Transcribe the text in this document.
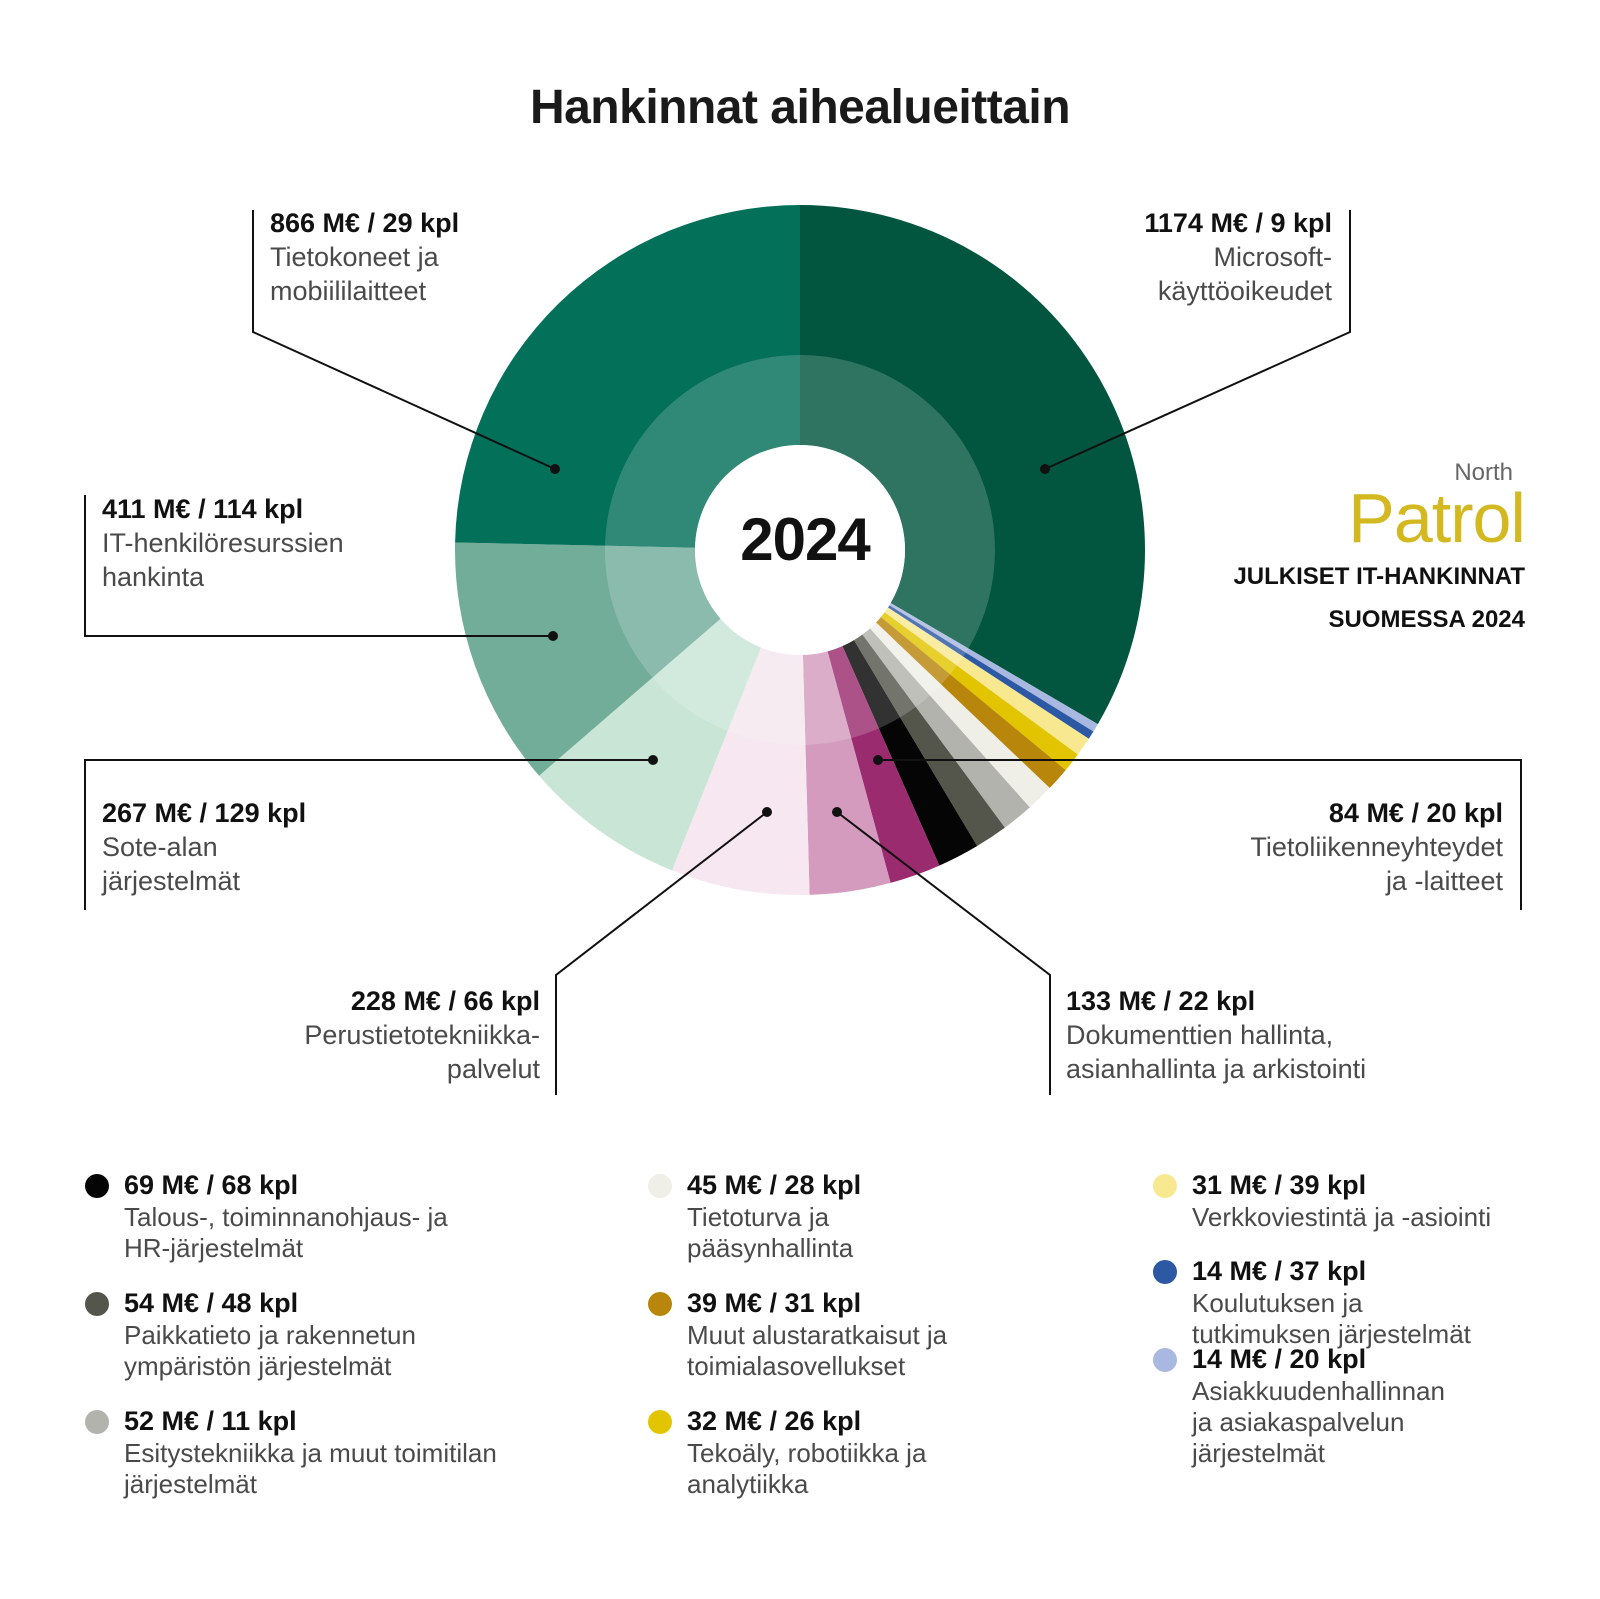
Hankinnat aihealueittain
2024
866 M€ / 29 kpl
Tietokoneet ja
mobiililaitteet
1174 M€ / 9 kpl
Microsoft-
käyttöoikeudet
411 M€ / 114 kpl
IT-henkilöresurssien
hankinta
267 M€ / 129 kpl
Sote-alan
järjestelmät
84 M€ / 20 kpl
Tietoliikenneyhteydet
ja -laitteet
228 M€ / 66 kpl
Perustietotekniikka-
palvelut
133 M€ / 22 kpl
Dokumenttien hallinta,
asianhallinta ja arkistointi
North
Patrol
JULKISET IT-HANKINNAT
SUOMESSA 2024
69 M€ / 68 kpl
Talous-, toiminnanohjaus- ja
HR-järjestelmät
54 M€ / 48 kpl
Paikkatieto ja rakennetun
ympäristön järjestelmät
52 M€ / 11 kpl
Esitystekniikka ja muut toimitilan
järjestelmät
45 M€ / 28 kpl
Tietoturva ja
pääsynhallinta
39 M€ / 31 kpl
Muut alustaratkaisut ja
toimialasovellukset
32 M€ / 26 kpl
Tekoäly, robotiikka ja
analytiikka
31 M€ / 39 kpl
Verkkoviestintä ja -asiointi
14 M€ / 37 kpl
Koulutuksen ja
tutkimuksen järjestelmät
14 M€ / 20 kpl
Asiakkuudenhallinnan
ja asiakaspalvelun
järjestelmät
